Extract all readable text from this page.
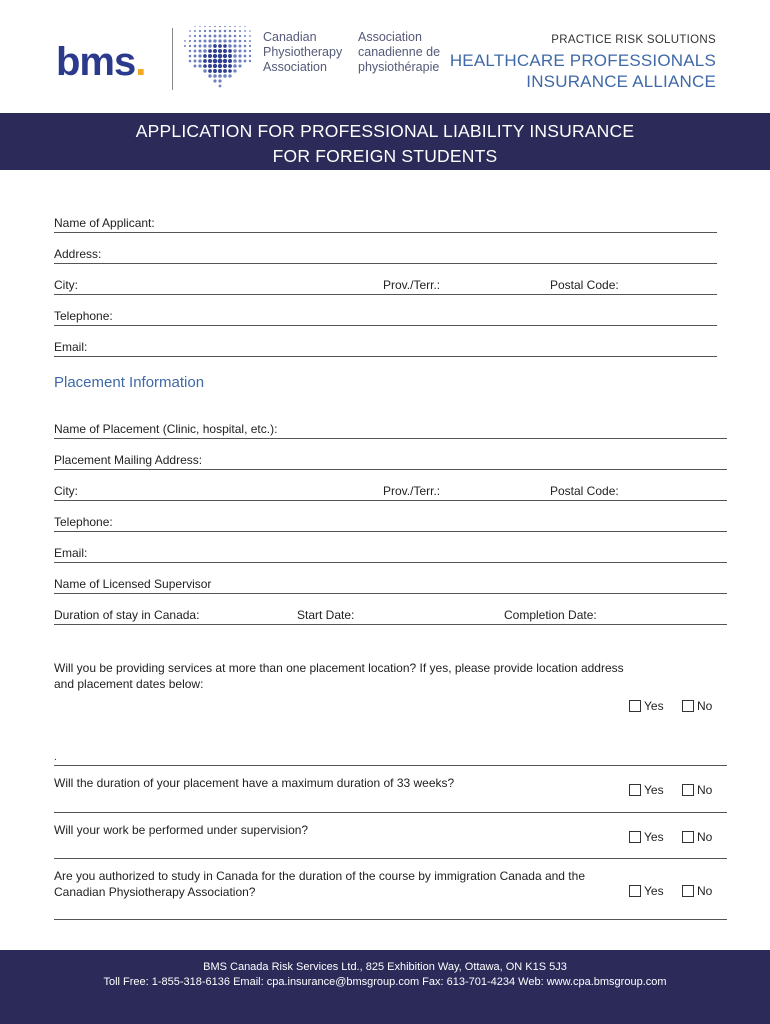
bms.
Canadian
Physiotherapy
Association
Association
canadienne de
physiothérapie
PRACTICE RISK SOLUTIONS
HEALTHCARE PROFESSIONALS
INSURANCE ALLIANCE
APPLICATION FOR PROFESSIONAL LIABILITY INSURANCE
FOR FOREIGN STUDENTS
Name of Applicant:
Address:
City:	Prov./Terr.:	Postal Code:
Telephone:
Email:
Placement Information
Name of Placement (Clinic, hospital, etc.):
Placement Mailing Address:
City:	Prov./Terr.:	Postal Code:
Telephone:
Email:
Name of Licensed Supervisor
Duration of stay in Canada:	Start Date:	Completion Date:
Will you be providing services at more than one placement location? If yes, please provide location address and placement dates below:
Yes	No
.
Will the duration of your placement have a maximum duration of 33 weeks?	Yes	No
Will your work be performed under supervision?	Yes	No
Are you authorized to study in Canada for the duration of the course by immigration Canada and the Canadian Physiotherapy Association?	Yes	No
BMS Canada Risk Services Ltd., 825 Exhibition Way, Ottawa, ON K1S 5J3
Toll Free: 1-855-318-6136 Email: cpa.insurance@bmsgroup.com Fax: 613-701-4234 Web: www.cpa.bmsgroup.com
